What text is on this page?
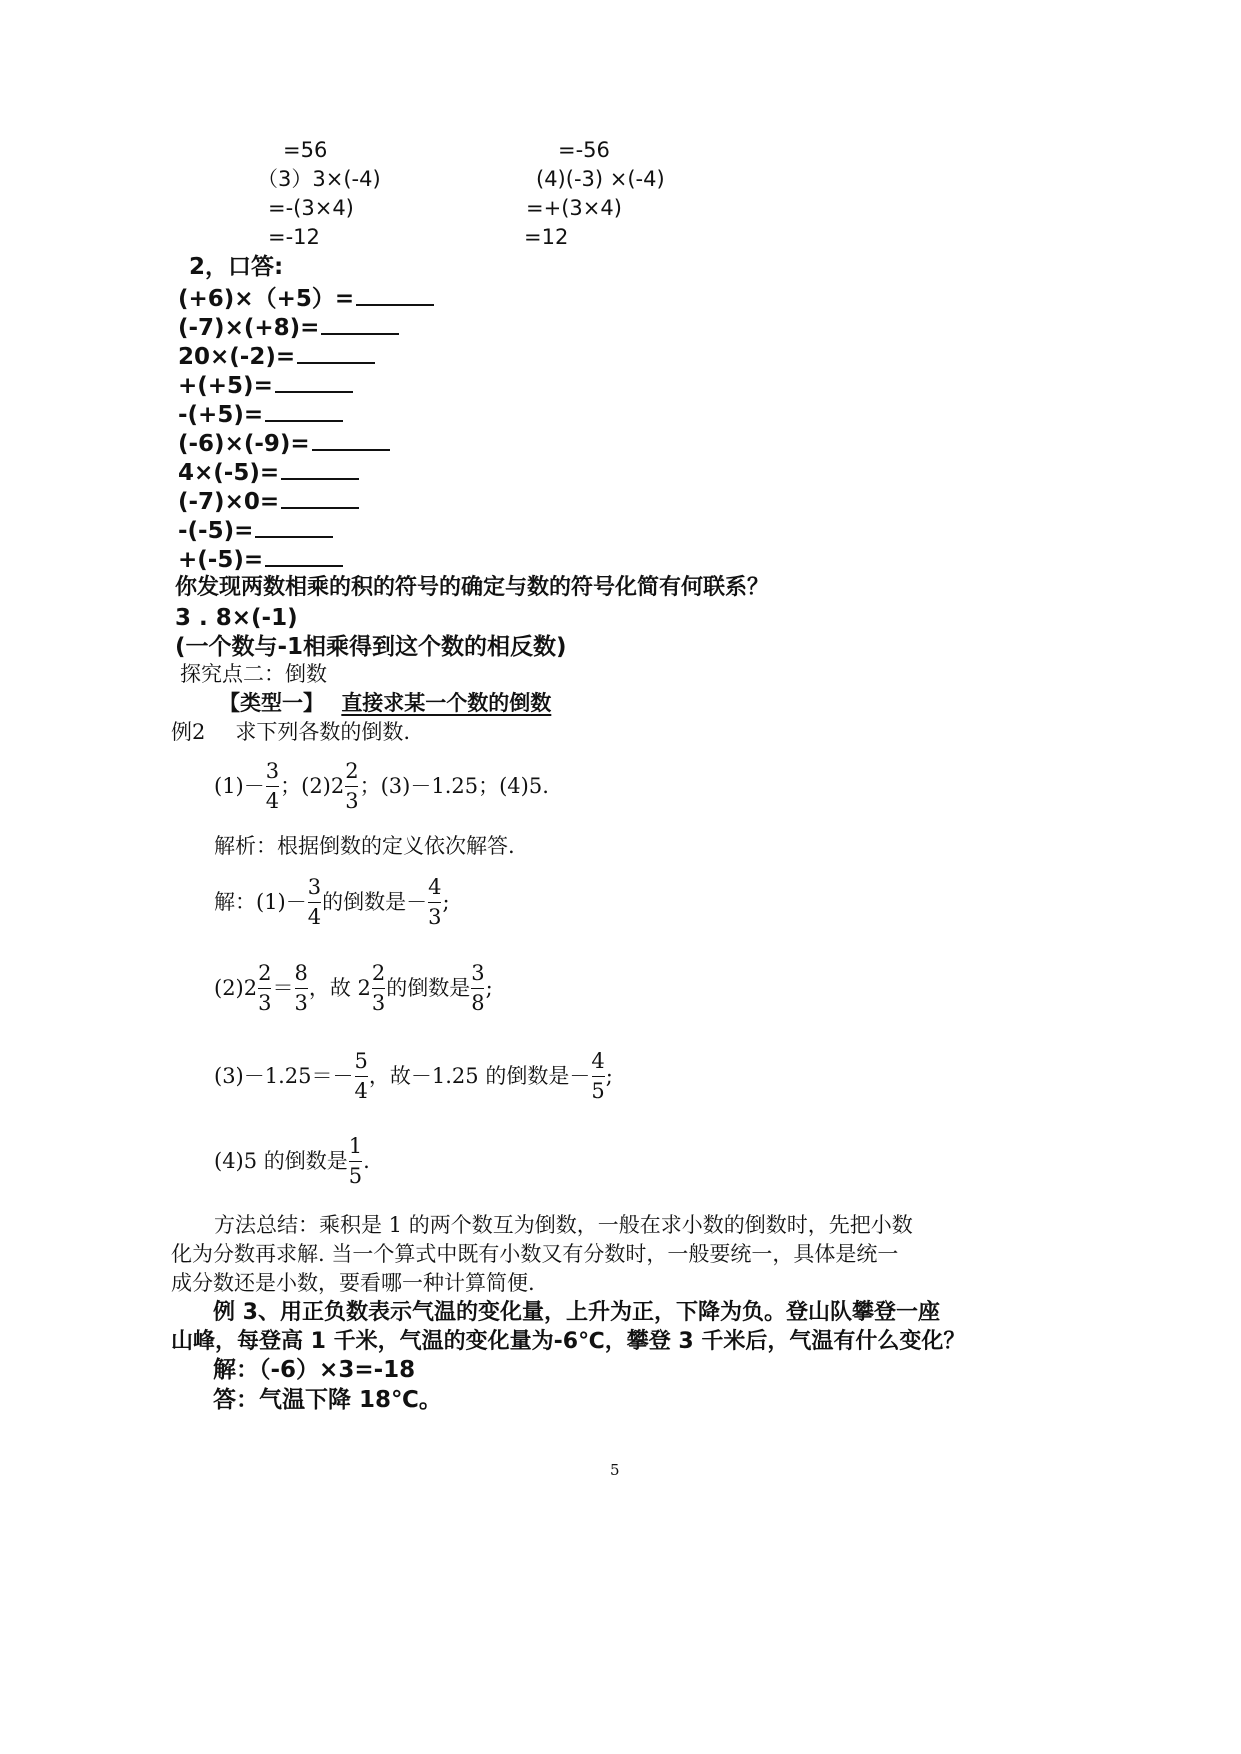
=56	=-56
（3）3×(-4)	(4)(-3) ×(-4)
=-(3×4)	=+(3×4)
=-12	=12
2，口答:
(+6)×（+5）=
(-7)×(+8)=
20×(-2)=
+(+5)=
-(+5)=
(-6)×(-9)=
4×(-5)=
(-7)×0=
-(-5)=
+(-5)=
你发现两数相乘的积的符号的确定与数的符号化简有何联系？
3 . 8×(-1)
(一个数与-1相乘得到这个数的相反数)
探究点二：倒数
【类型一】 直接求某一个数的倒数
例2 求下列各数的倒数.
$(1)- \frac{3}{4}$ ； $(2)2 \frac{2}{3}$ ； (3)－1.25；(4)5.
解析：根据倒数的定义依次解答.
解：$(1)- \frac{3}{4}$ 的倒数是－ $\frac{4}{3}$ ;
$(2)2 \frac{2}{3} = \frac{8}{3}$ ，故 $2 \frac{2}{3}$ 的倒数是 $\frac{3}{8}$ ;
$(3)-1.25=- \frac{5}{4}$ ，故－1.25 的倒数是－ $\frac{4}{5}$ ;
(4)5 的倒数是 $\frac{1}{5}$ .
方法总结：乘积是 1 的两个数互为倒数，一般在求小数的倒数时，先把小数
化为分数再求解. 当一个算式中既有小数又有分数时，一般要统一，具体是统一
成分数还是小数，要看哪一种计算简便.
例 3、用正负数表示气温的变化量，上升为正，下降为负。登山队攀登一座
山峰，每登高 1 千米，气温的变化量为-6℃，攀登 3 千米后，气温有什么变化？
解：（-6）×3=-18
答：气温下降 18℃。
5
